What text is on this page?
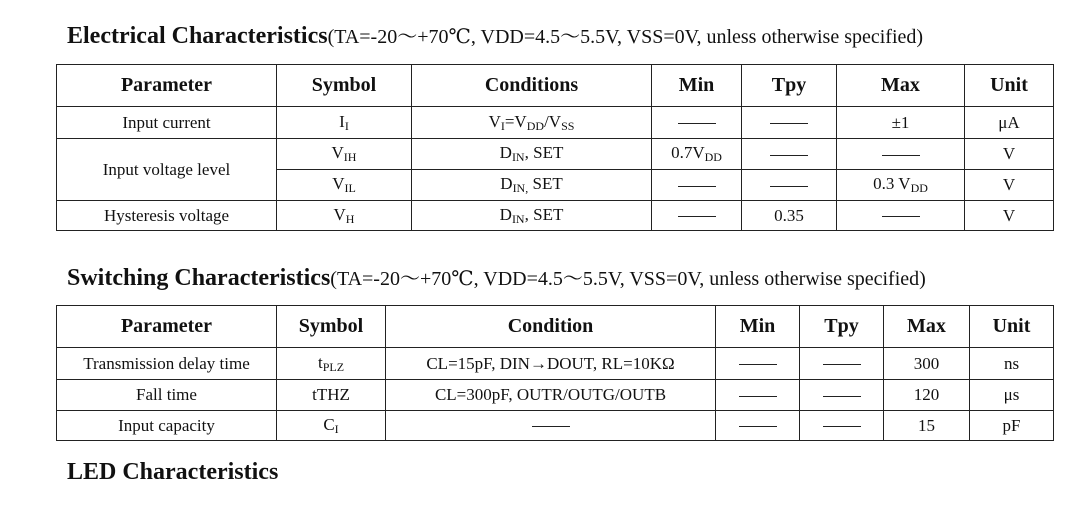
Electrical Characteristics(TA=-20～+70℃, VDD=4.5～5.5V, VSS=0V, unless otherwise specified)
Parameter	Symbol	Conditions	Min	Tpy	Max	Unit
Input current	$I_I$	$V_I=V_{DD}/V_{SS}$			±1	μA
Input voltage level	$V_{IH}$	$D_{IN}$, SET	$0.7V_{DD}$			V
	$V_{IL}$	$D_{IN,}$ SET			0.3 $V_{DD}$	V
Hysteresis voltage	$V_H$	$D_{IN}$, SET		0.35		V
Switching Characteristics(TA=-20～+70℃, VDD=4.5～5.5V, VSS=0V, unless otherwise specified)
Parameter	Symbol	Condition	Min	Tpy	Max	Unit
Transmission delay time	$t_{PLZ}$	CL=15pF, DIN→DOUT, RL=10KΩ			300	ns
Fall time	tTHZ	CL=300pF, OUTR/OUTG/OUTB			120	μs
Input capacity	$C_I$				15	pF
LED Characteristics
